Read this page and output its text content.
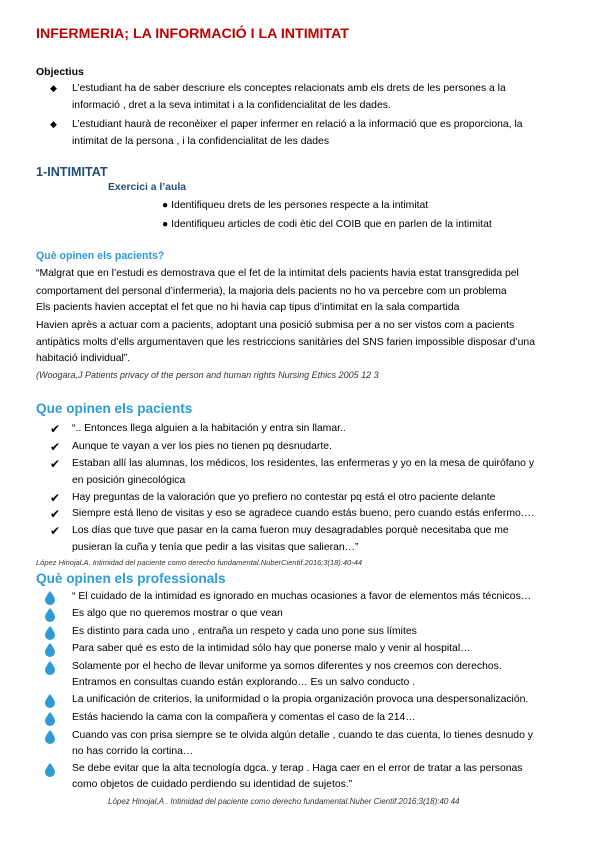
INFERMERIA; LA INFORMACIÓ I LA INTIMITAT
Objectius
◆ L’estudiant ha de saber descriure els conceptes relacionats amb els drets de les persones a la
informació , dret a la seva intimitat i a la confidencialitat de les dades.
◆ L’estudiant haurà de reconèixer el paper infermer en relació a la informació que es proporciona, la
intimitat de la persona , i la confidencialitat de les dades
1-INTIMITAT
Exercici a l’aula
● Identifiqueu drets de les persones respecte a la intimitat
● Identifiqueu articles de codi ètic del COIB que en parlen de la intimitat
Què opinen els pacients?
“Malgrat que en l’estudi es demostrava que el fet de la intimitat dels pacients havia estat transgredida pel
comportament del personal d’infermeria), la majoria dels pacients no ho va percebre com un problema
Els pacients havien acceptat el fet que no hi havia cap tipus d’intimitat en la sala compartida
Havien après a actuar com a pacients, adoptant una posició submisa per a no ser vistos com a pacients
antipàtics molts d’ells argumentaven que les restriccions sanitàries del SNS farien impossible disposar d’una
habitació individual”.
(Woogara,J Patients privacy of the person and human rights Nursing Ethics 2005 12 3
Que opinen els pacients
✔ “.. Entonces llega alguien a la habitación y entra sin llamar..
✔ Aunque te vayan a ver los pies no tienen pq desnudarte.
✔ Estaban allí las alumnas, los médicos, los residentes, las enfermeras y yo en la mesa de quirófano y
en posición ginecológica
✔ Hay preguntas de la valoración que yo prefiero no contestar pq está el otro paciente delante
✔ Siempre está lleno de visitas y eso se agradece cuando estás bueno, pero cuando estás enfermo….
✔ Los días que tuve que pasar en la cama fueron muy desagradables porquè necesitaba que me
pusieran la cuña y tenía que pedir a las visitas que salieran…”
López Hinojal,A. Intimidad del paciente como derecho fundamental.NuberCientif.2016;3(18):40-44
Què opinen els professionals
“ El cuidado de la intimidad es ignorado en muchas ocasiones a favor de elementos más técnicos…
Es algo que no queremos mostrar o que vean
Es distinto para cada uno , entraña un respeto y cada uno pone sus límites
Para saber qué es esto de la intimidad sólo hay que ponerse malo y venir al hospital…
Solamente por el hecho de llevar uniforme ya somos diferentes y nos creemos con derechos.
Entramos en consultas cuando están explorando… Es un salvo conducto .
La unificación de criterios, la uniformidad o la propia organización provoca una despersonalización.
Estás haciendo la cama con la compañera y comentas el caso de la 214…
Cuando vas con prisa siempre se te olvida algún detalle , cuando te das cuenta, lo tienes desnudo y
no has corrido la cortina…
Se debe evitar que la alta tecnología dgca. y terap . Haga caer en el error de tratar a las personas
como objetos de cuidado perdiendo su identidad de sujetos.”
López Hinojal,A . Intimidad del paciente como derecho fundamental.Nuber Cientif.2016;3(18):40 44
